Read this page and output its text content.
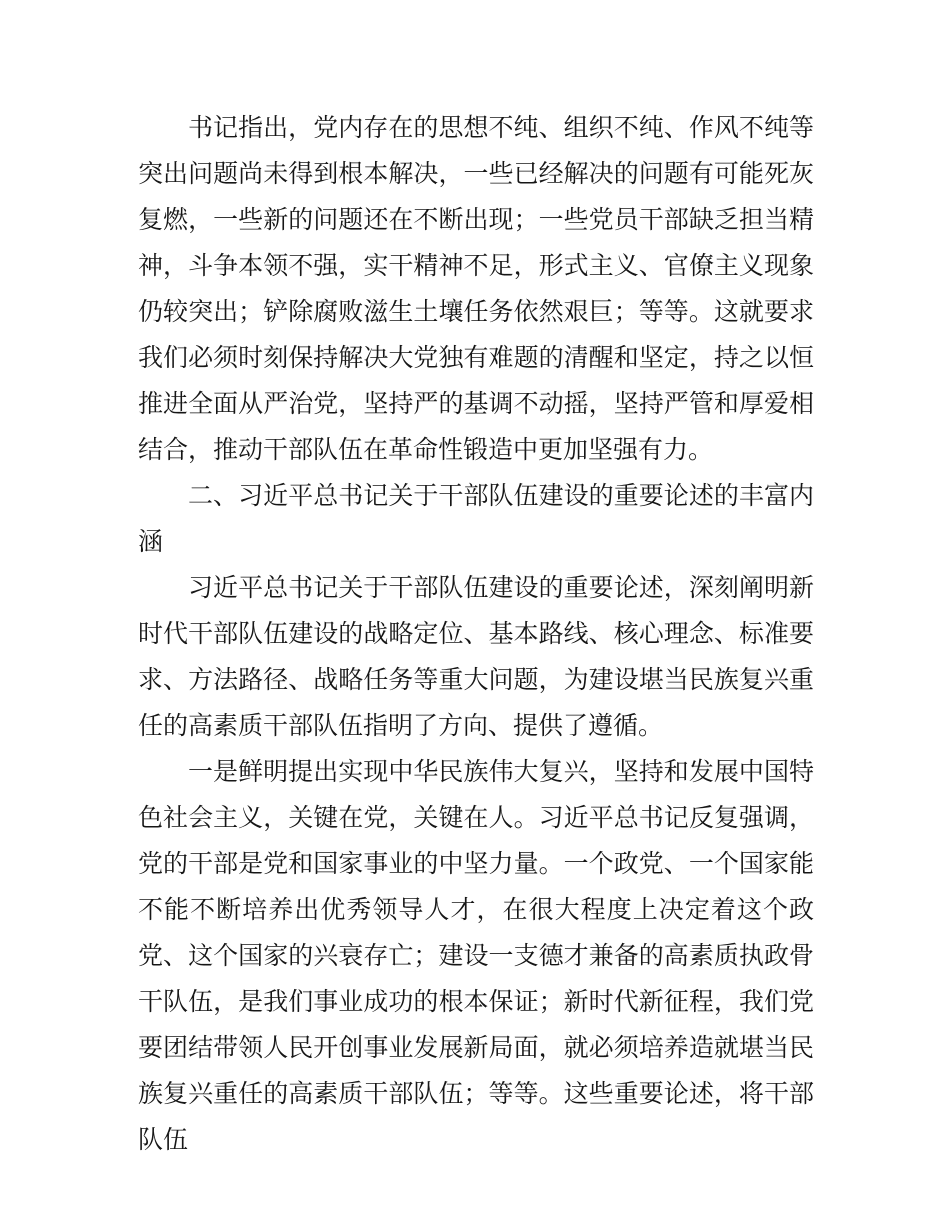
书记指出，党内存在的思想不纯、组织不纯、作风不纯等突出问题尚未得到根本解决，一些已经解决的问题有可能死灰复燃，一些新的问题还在不断出现；一些党员干部缺乏担当精神，斗争本领不强，实干精神不足，形式主义、官僚主义现象仍较突出；铲除腐败滋生土壤任务依然艰巨；等等。这就要求我们必须时刻保持解决大党独有难题的清醒和坚定，持之以恒推进全面从严治党，坚持严的基调不动摇，坚持严管和厚爱相结合，推动干部队伍在革命性锻造中更加坚强有力。

二、习近平总书记关于干部队伍建设的重要论述的丰富内涵

习近平总书记关于干部队伍建设的重要论述，深刻阐明新时代干部队伍建设的战略定位、基本路线、核心理念、标准要求、方法路径、战略任务等重大问题，为建设堪当民族复兴重任的高素质干部队伍指明了方向、提供了遵循。

一是鲜明提出实现中华民族伟大复兴，坚持和发展中国特色社会主义，关键在党，关键在人。习近平总书记反复强调，党的干部是党和国家事业的中坚力量。一个政党、一个国家能不能不断培养出优秀领导人才，在很大程度上决定着这个政党、这个国家的兴衰存亡；建设一支德才兼备的高素质执政骨干队伍，是我们事业成功的根本保证；新时代新征程，我们党要团结带领人民开创事业发展新局面，就必须培养造就堪当民族复兴重任的高素质干部队伍；等等。这些重要论述，将干部队伍
